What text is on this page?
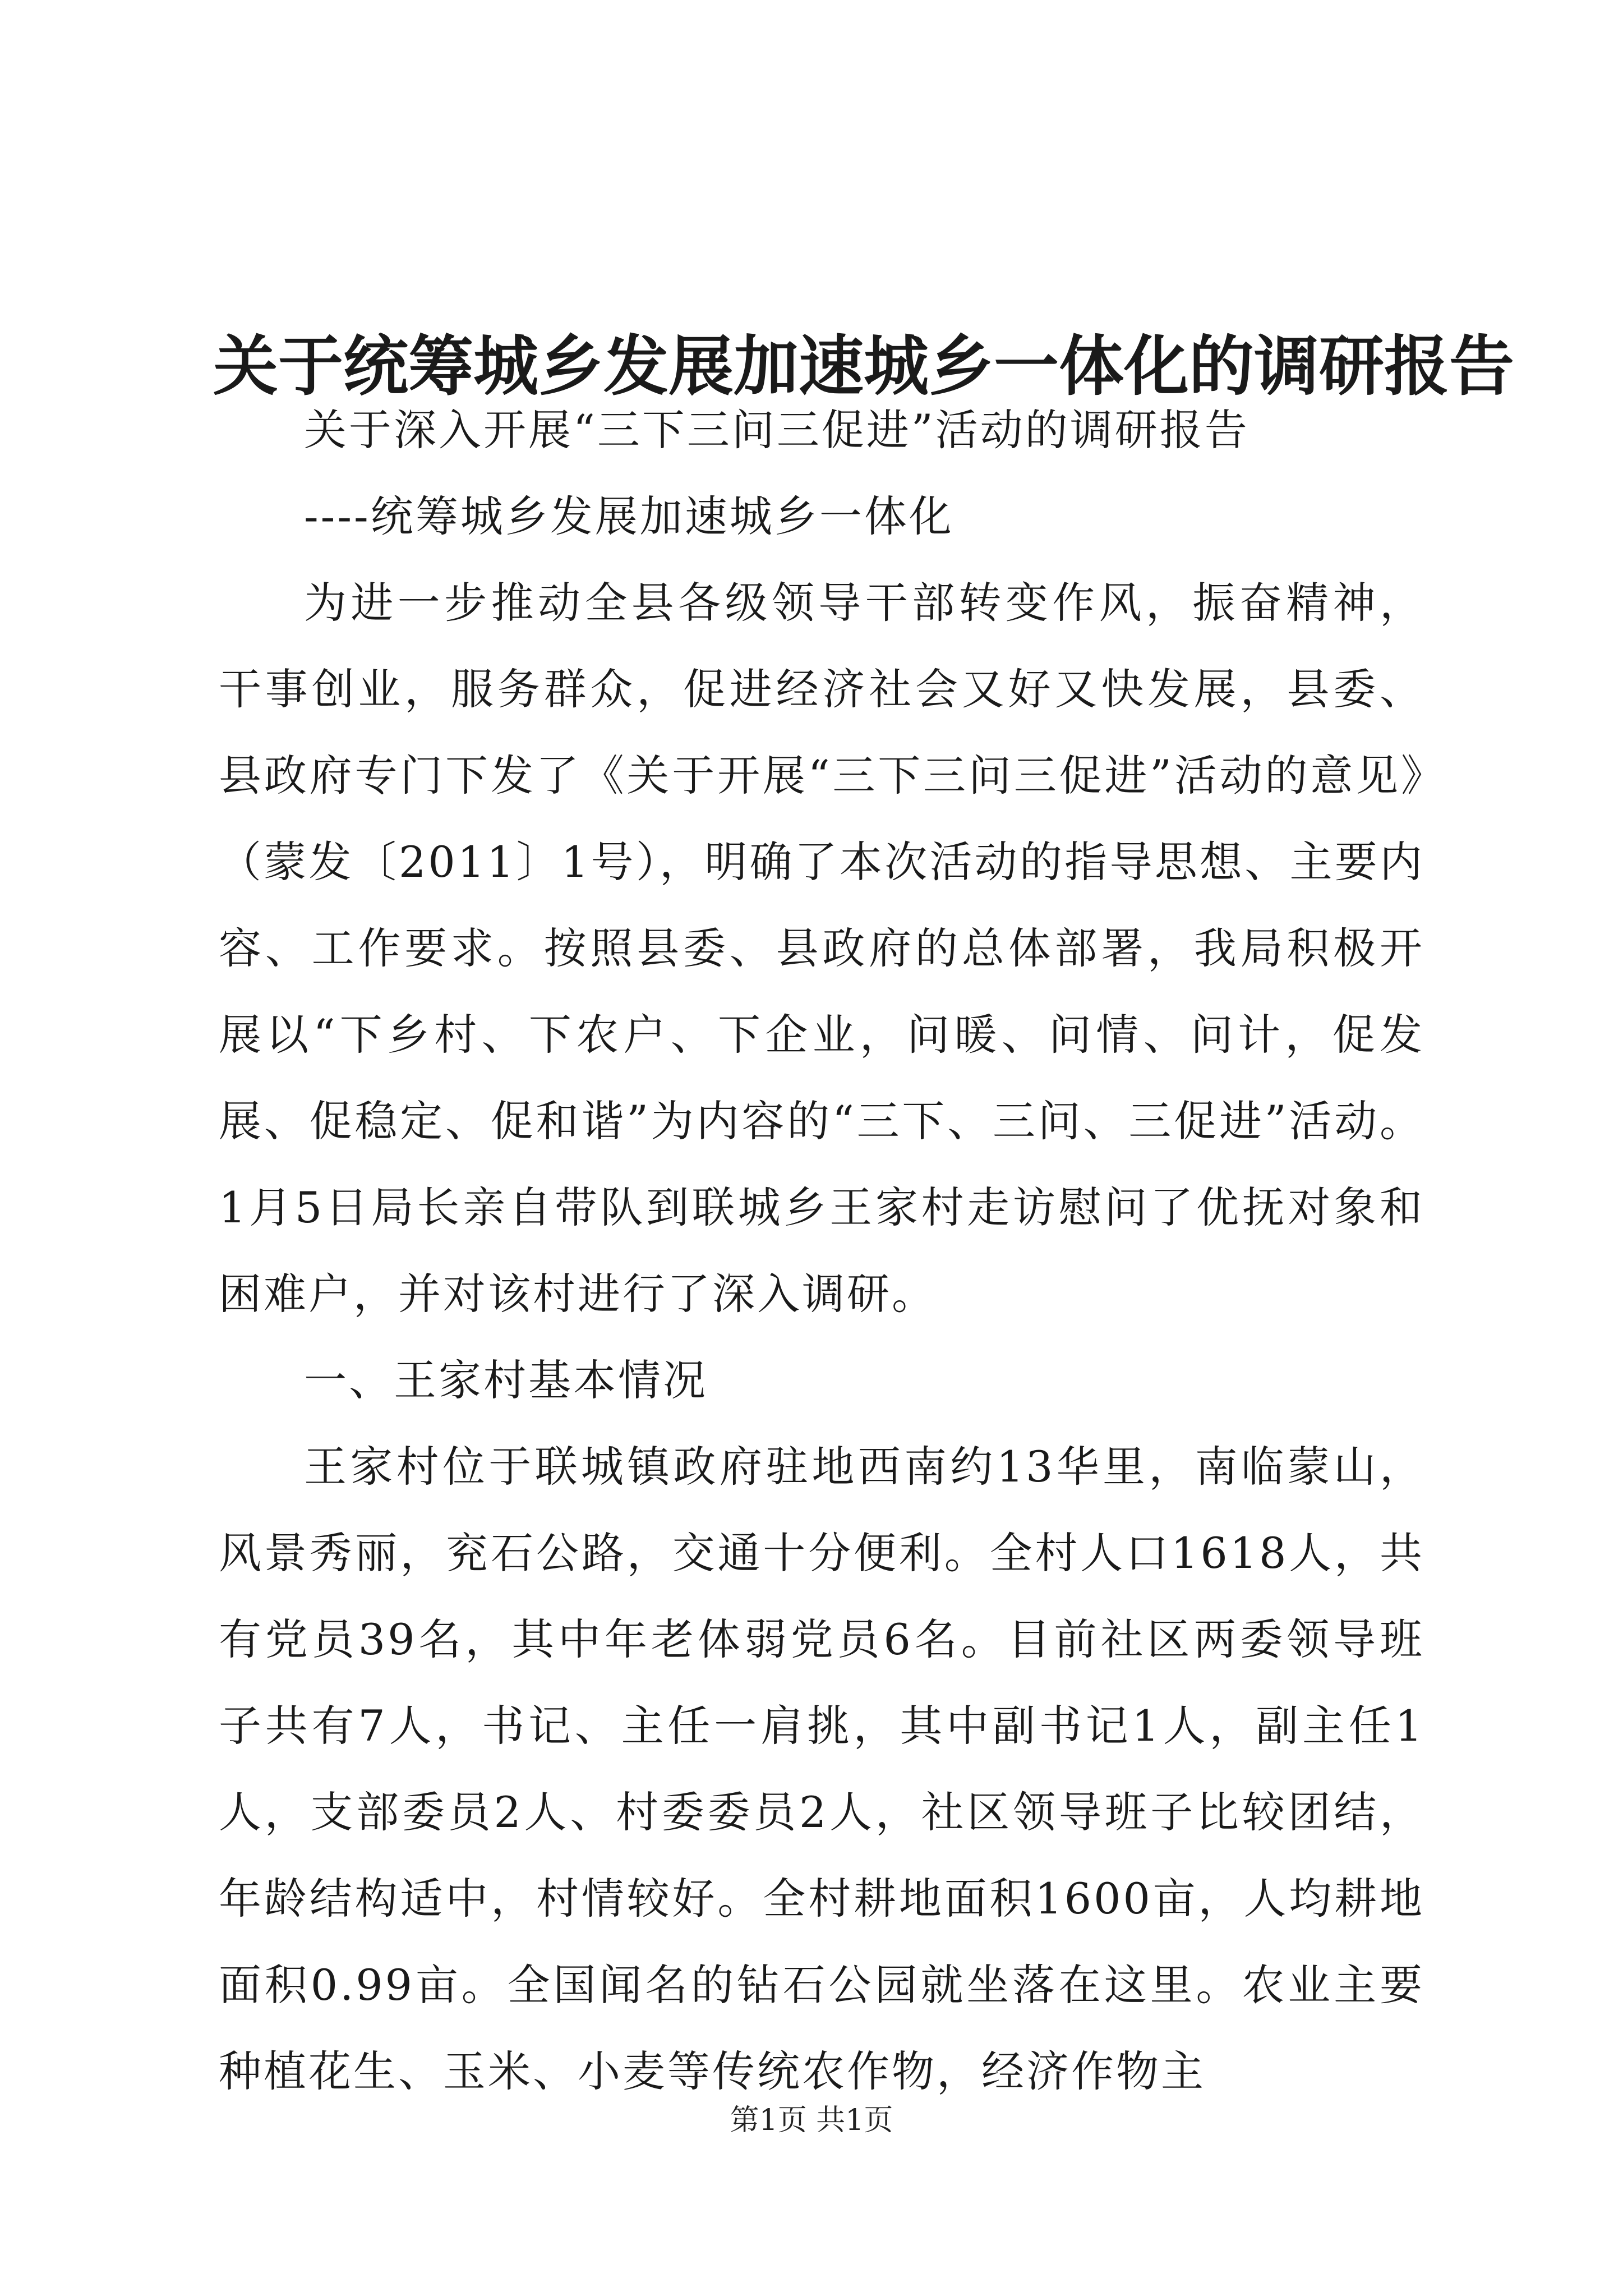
关于统筹城乡发展加速城乡一体化的调研报告

关于深入开展“三下三问三促进”活动的调研报告

----统筹城乡发展加速城乡一体化

为进一步推动全县各级领导干部转变作风，振奋精神，干事创业，服务群众，促进经济社会又好又快发展，县委、县政府专门下发了《关于开展“三下三问三促进”活动的意见》（蒙发〔2011〕1号），明确了本次活动的指导思想、主要内容、工作要求。按照县委、县政府的总体部署，我局积极开展以“下乡村、下农户、下企业，问暖、问情、问计，促发展、促稳定、促和谐”为内容的“三下、三问、三促进”活动。1月5日局长亲自带队到联城乡王家村走访慰问了优抚对象和困难户，并对该村进行了深入调研。

一、王家村基本情况

王家村位于联城镇政府驻地西南约13华里，南临蒙山，风景秀丽，兖石公路，交通十分便利。全村人口1618人，共有党员39名，其中年老体弱党员6名。目前社区两委领导班子共有7人，书记、主任一肩挑，其中副书记1人，副主任1人，支部委员2人、村委委员2人，社区领导班子比较团结，年龄结构适中，村情较好。全村耕地面积1600亩，人均耕地面积0.99亩。全国闻名的钻石公园就坐落在这里。农业主要种植花生、玉米、小麦等传统农作物，经济作物主

第1页 共1页
